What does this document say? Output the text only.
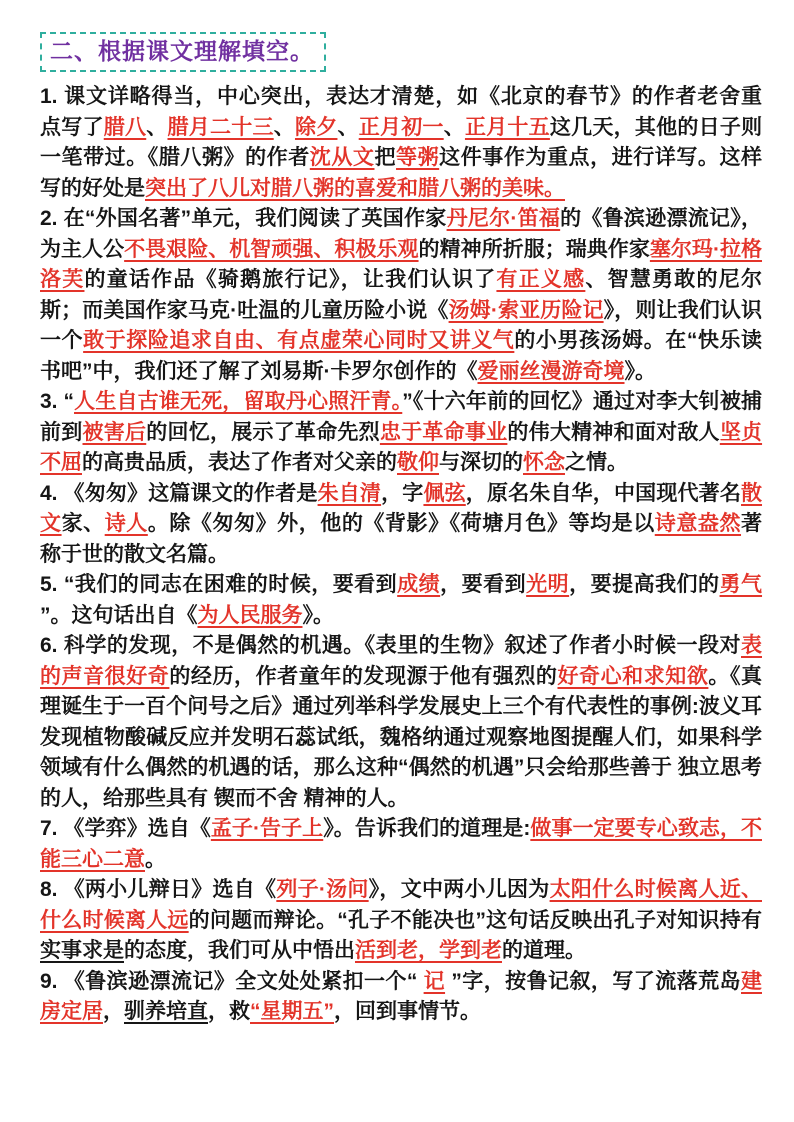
二、根据课文理解填空。

1. 课文详略得当，中心突出，表达才清楚，如《北京的春节》的作者老舍重 点写了腊八、腊月二十三、除夕、正月初一、正月十五这几天，其他的日子则一笔带过。《腊八粥》的作者沈从文把等粥这件事作为重点，进行详写。这样写的好处是突出了八儿对腊八粥的喜爱和腊八粥的美味。

2. 在“外国名著”单元，我们阅读了英国作家丹尼尔·笛福的《鲁滨逊漂流记》，为主人公不畏艰险、机智顽强、积极乐观的精神所折服；瑞典作家塞尔玛·拉格洛芙的童话作品《骑鹅旅行记》，让我们认识了有正义感、智慧勇敢的尼尔斯；而美国作家马克·吐温的儿童历险小说《汤姆·索亚历险记》，则让我们认识一个敢于探险追求自由、有点虚荣心同时又讲义气的小男孩汤姆。在“快乐读书吧”中，我们还了解了刘易斯·卡罗尔创作的《爱丽丝漫游奇境》。

3. “人生自古谁无死，留取丹心照汗青。”《十六年前的回忆》通过对李大钊被捕前到被害后的回忆，展示了革命先烈忠于革命事业的伟大精神和面对敌人坚贞不屈的高贵品质，表达了作者对父亲的敬仰与深切的怀念之情。

4. 《匆匆》这篇课文的作者是朱自清，字佩弦，原名朱自华，中国现代著名散文家、诗人。除《匆匆》外，他的《背影》《荷塘月色》等均是以诗意盎然著称于世的散文名篇。

5. “我们的同志在困难的时候，要看到成绩，要看到光明，要提高我们的勇气 ”。这句话出自《为人民服务》。

6. 科学的发现，不是偶然的机遇。《表里的生物》叙述了作者小时候一段对表的声音很好奇的经历，作者童年的发现源于他有强烈的好奇心和求知欲。《真理诞生于一百个问号之后》通过列举科学发展史上三个有代表性的事例:波义耳发现植物酸碱反应并发明石蕊试纸，魏格纳通过观察地图提醒人们，如果科学领域有什么偶然的机遇的话，那么这种“偶然的机遇”只会给那些善于 独立思考 的人，给那些具有 锲而不舍 精神的人。

7. 《学弈》选自《孟子·告子上》。告诉我们的道理是:做事一定要专心致志，不能三心二意。

8. 《两小儿辩日》选自《列子·汤问》，文中两小儿因为太阳什么时候离人近、什么时候离人远的问题而辩论。“孔子不能决也”这句话反映出孔子对知识持有实事求是的态度，我们可从中悟出活到老，学到老的道理。

9. 《鲁滨逊漂流记》全文处处紧扣一个“ 记 ”字，按鲁记叙，写了流落荒岛建房定居，驯养培直，救“星期五”，回到事情节。
